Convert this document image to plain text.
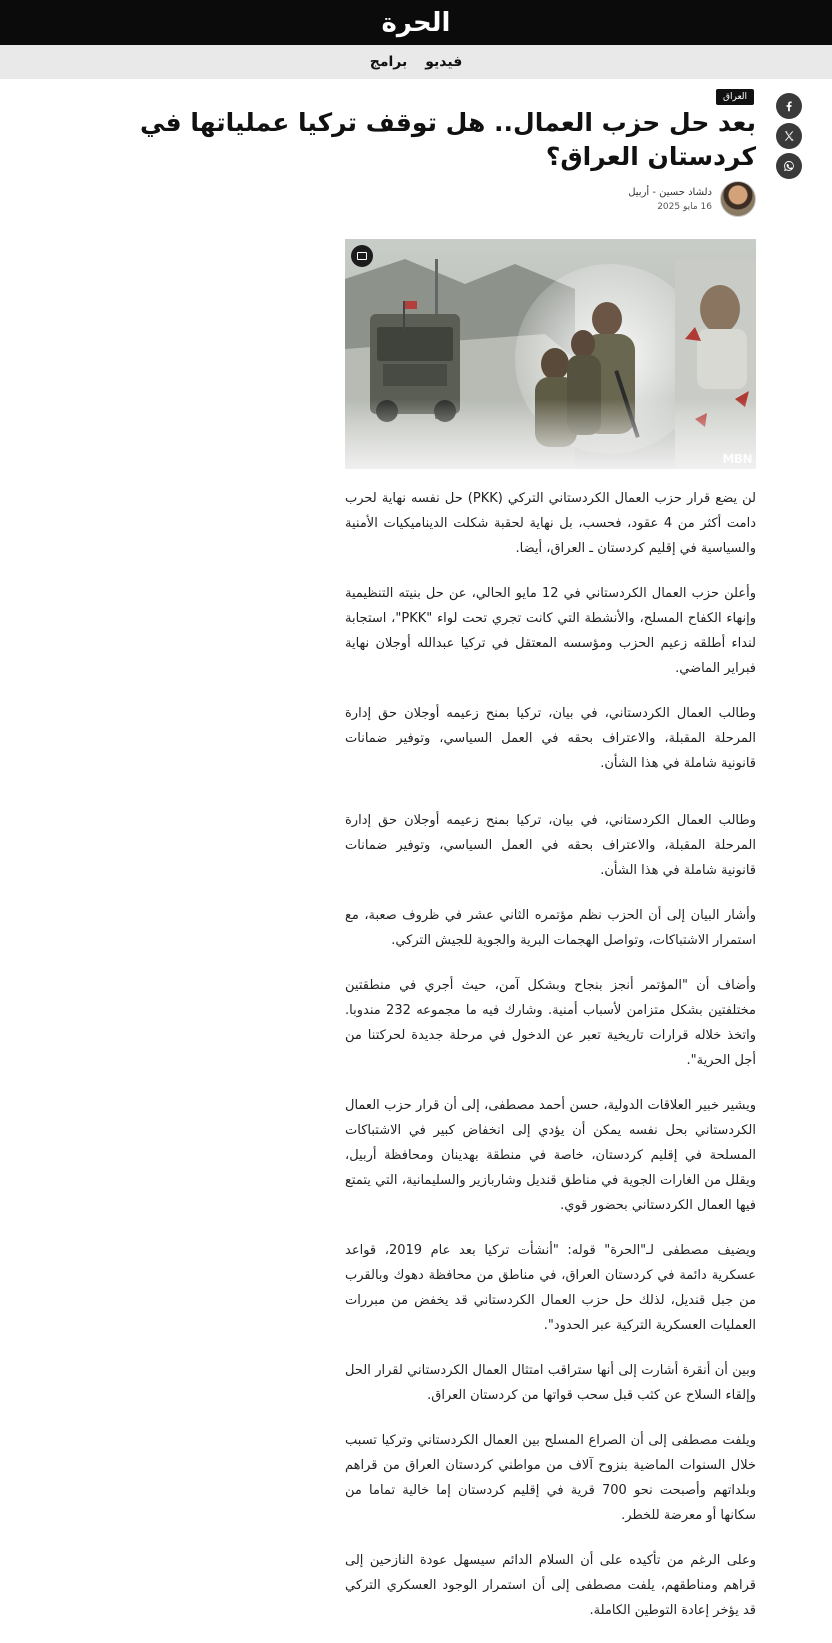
الحرة
فيديو
برامج
العراق
بعد حل حزب العمال.. هل توقف تركيا عملياتها في كردستان العراق؟
دلشاد حسين - أربيل
16 مايو 2025
MBN

لن يضع قرار حزب العمال الكردستاني التركي (PKK) حل نفسه نهاية لحرب دامت أكثر من 4 عقود، فحسب، بل نهاية لحقبة شكلت الديناميكيات الأمنية والسياسية في إقليم كردستان ـ العراق، أيضا.

وأعلن حزب العمال الكردستاني في 12 مايو الحالي، عن حل بنيته التنظيمية وإنهاء الكفاح المسلح، والأنشطة التي كانت تجري تحت لواء "PKK"، استجابة لنداء أطلقه زعيم الحزب ومؤسسه المعتقل في تركيا عبدالله أوجلان نهاية فبراير الماضي.

وطالب العمال الكردستاني، في بيان، تركيا بمنح زعيمه أوجلان حق إدارة المرحلة المقبلة، والاعتراف بحقه في العمل السياسي، وتوفير ضمانات قانونية شاملة في هذا الشأن.

وطالب العمال الكردستاني، في بيان، تركيا بمنح زعيمه أوجلان حق إدارة المرحلة المقبلة، والاعتراف بحقه في العمل السياسي، وتوفير ضمانات قانونية شاملة في هذا الشأن.

وأشار البيان إلى أن الحزب نظم مؤتمره الثاني عشر في ظروف صعبة، مع استمرار الاشتباكات، وتواصل الهجمات البرية والجوية للجيش التركي.

وأضاف أن "المؤتمر أنجز بنجاح وبشكل آمن، حيث أجري في منطقتين مختلفتين بشكل متزامن لأسباب أمنية. وشارك فيه ما مجموعه 232 مندوبا. واتخذ خلاله قرارات تاريخية تعبر عن الدخول في مرحلة جديدة لحركتنا من أجل الحرية".

ويشير خبير العلاقات الدولية، حسن أحمد مصطفى، إلى أن قرار حزب العمال الكردستاني بحل نفسه يمكن أن يؤدي إلى انخفاض كبير في الاشتباكات المسلحة في إقليم كردستان، خاصة في منطقة بهدينان ومحافظة أربيل، ويقلل من الغارات الجوية في مناطق قنديل وشاربازير والسليمانية، التي يتمتع فيها العمال الكردستاني بحضور قوي.

ويضيف مصطفى لـ"الحرة" قوله: "أنشأت تركيا بعد عام 2019، قواعد عسكرية دائمة في كردستان العراق، في مناطق من محافظة دهوك وبالقرب من جبل قنديل، لذلك حل حزب العمال الكردستاني قد يخفض من مبررات العمليات العسكرية التركية عبر الحدود".

وبين أن أنقرة أشارت إلى أنها ستراقب امتثال العمال الكردستاني لقرار الحل وإلقاء السلاح عن كثب قبل سحب قواتها من كردستان العراق.

ويلفت مصطفى إلى أن الصراع المسلح بين العمال الكردستاني وتركيا تسبب خلال السنوات الماضية بنزوح آلاف من مواطني كردستان العراق من قراهم وبلداتهم وأصبحت نحو 700 قرية في إقليم كردستان إما خالية تماما من سكانها أو معرضة للخطر.

وعلى الرغم من تأكيده على أن السلام الدائم سيسهل عودة النازحين إلى قراهم ومناطقهم، يلفت مصطفى إلى أن استمرار الوجود العسكري التركي قد يؤخر إعادة التوطين الكاملة.
